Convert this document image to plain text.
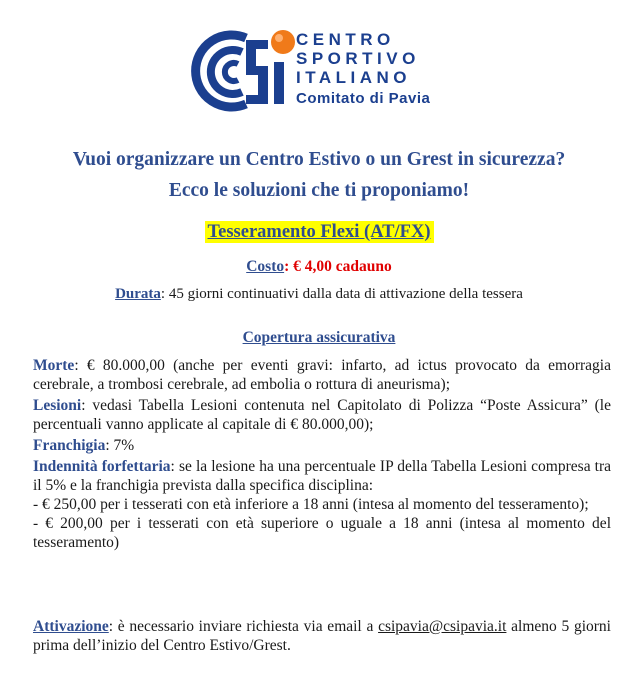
CENTRO
SPORTIVO
ITALIANO
Comitato di Pavia
Vuoi organizzare un Centro Estivo o un Grest in sicurezza?
Ecco le soluzioni che ti proponiamo!
Tesseramento Flexi (AT/FX)
Costo: € 4,00 cadauno
Durata: 45 giorni continuativi dalla data di attivazione della tessera
Copertura assicurativa

Morte: € 80.000,00 (anche per eventi gravi: infarto, ad ictus provocato da emorragia cerebrale, a trombosi cerebrale, ad embolia o rottura di aneurisma);

Lesioni: vedasi Tabella Lesioni contenuta nel Capitolato di Polizza “Poste Assicura” (le percentuali vanno applicate al capitale di € 80.000,00);

Franchigia: 7%

Indennità forfettaria: se la lesione ha una percentuale IP della Tabella Lesioni compresa tra il 5% e la franchigia prevista dalla specifica disciplina:

- € 250,00 per i tesserati con età inferiore a 18 anni (intesa al momento del tesseramento);

- € 200,00 per i tesserati con età superiore o uguale a 18 anni (intesa al momento del tesseramento)

Attivazione: è necessario inviare richiesta via email a csipavia@csipavia.it almeno 5 giorni prima dell’inizio del Centro Estivo/Grest.
